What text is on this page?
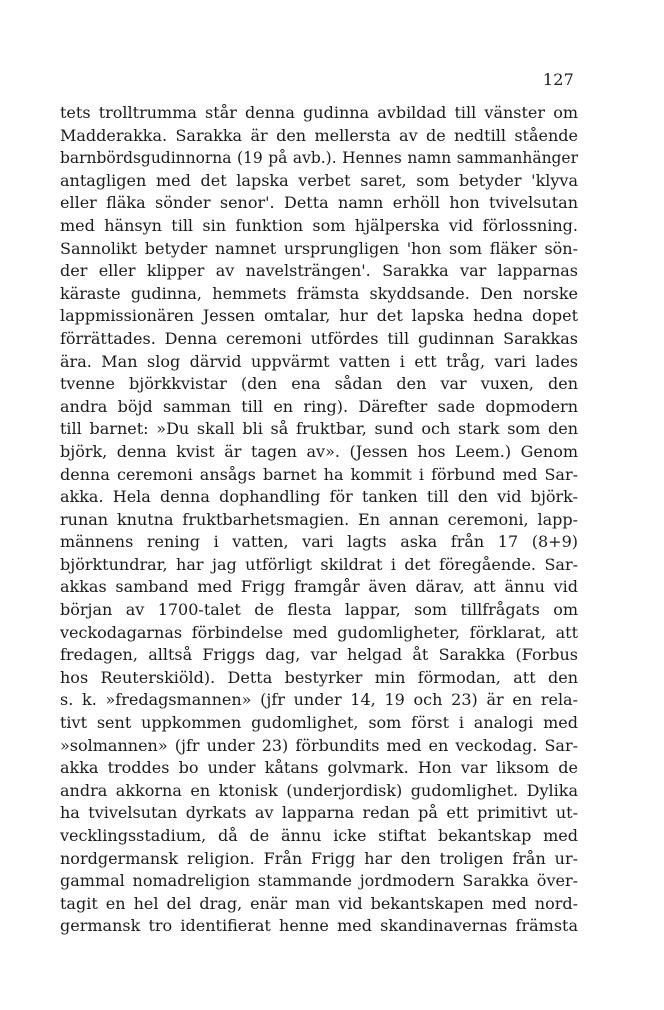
127
tets trolltrumma står denna gudinna avbildad till vänster om
Madderakka. Sarakka är den mellersta av de nedtill stående
barnbördsgudinnorna (19 på avb.). Hennes namn sammanhänger
antagligen med det lapska verbet saret, som betyder 'klyva
eller fläka sönder senor'. Detta namn erhöll hon tvivelsutan
med hänsyn till sin funktion som hjälperska vid förlossning.
Sannolikt betyder namnet ursprungligen 'hon som fläker sön-
der eller klipper av navelsträngen'. Sarakka var lapparnas
käraste gudinna, hemmets främsta skyddsande. Den norske
lappmissionären Jessen omtalar, hur det lapska hedna dopet
förrättades. Denna ceremoni utfördes till gudinnan Sarakkas
ära. Man slog därvid uppvärmt vatten i ett tråg, vari lades
tvenne björkkvistar (den ena sådan den var vuxen, den
andra böjd samman till en ring). Därefter sade dopmodern
till barnet: »Du skall bli så fruktbar, sund och stark som den
björk, denna kvist är tagen av». (Jessen hos Leem.) Genom
denna ceremoni ansågs barnet ha kommit i förbund med Sar-
akka. Hela denna dophandling för tanken till den vid björk-
runan knutna fruktbarhetsmagien. En annan ceremoni, lapp-
männens rening i vatten, vari lagts aska från 17 (8+9)
björktundrar, har jag utförligt skildrat i det föregående. Sar-
akkas samband med Frigg framgår även därav, att ännu vid
början av 1700-talet de flesta lappar, som tillfrågats om
veckodagarnas förbindelse med gudomligheter, förklarat, att
fredagen, alltså Friggs dag, var helgad åt Sarakka (Forbus
hos Reuterskiöld). Detta bestyrker min förmodan, att den
s. k. »fredagsmannen» (jfr under 14, 19 och 23) är en rela-
tivt sent uppkommen gudomlighet, som först i analogi med
»solmannen» (jfr under 23) förbundits med en veckodag. Sar-
akka troddes bo under kåtans golvmark. Hon var liksom de
andra akkorna en ktonisk (underjordisk) gudomlighet. Dylika
ha tvivelsutan dyrkats av lapparna redan på ett primitivt ut-
vecklingsstadium, då de ännu icke stiftat bekantskap med
nordgermansk religion. Från Frigg har den troligen från ur-
gammal nomadreligion stammande jordmodern Sarakka över-
tagit en hel del drag, enär man vid bekantskapen med nord-
germansk tro identifierat henne med skandinavernas främsta
